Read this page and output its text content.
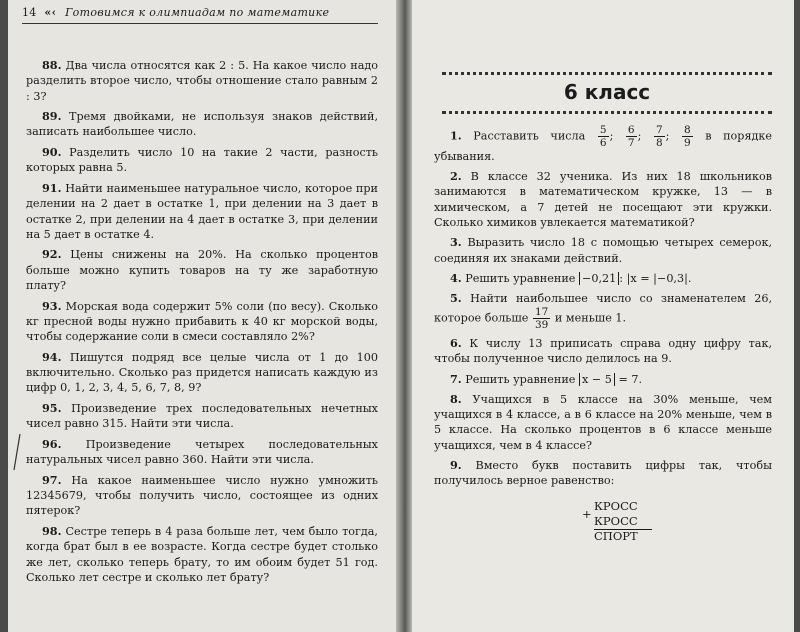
14 «‹ Готовимся к олимпиадам по математике

88. Два числа относятся как 2 : 5. На какое число надо разделить второе число, чтобы отношение стало равным 2 : 3?

89. Тремя двойками, не используя знаков действий, записать наибольшее число.

90. Разделить число 10 на такие 2 части, разность которых равна 5.

91. Найти наименьшее натуральное число, которое при делении на 2 дает в остатке 1, при делении на 3 дает в остатке 2, при делении на 4 дает в остатке 3, при делении на 5 дает в остатке 4.

92. Цены снижены на 20%. На сколько процентов больше можно купить товаров на ту же заработную плату?

93. Морская вода содержит 5% соли (по весу). Сколько кг пресной воды нужно прибавить к 40 кг морской воды, чтобы содержание соли в смеси составляло 2%?

94. Пишутся подряд все целые числа от 1 до 100 включительно. Сколько раз придется написать каждую из цифр 0, 1, 2, 3, 4, 5, 6, 7, 8, 9?

95. Произведение трех последовательных нечетных чисел равно 315. Найти эти числа.

96. Произведение четырех последовательных натуральных чисел равно 360. Найти эти числа.

97. На какое наименьшее число нужно умножить 12345679, чтобы получить число, состоящее из одних пятерок?

98. Сестре теперь в 4 раза больше лет, чем было тогда, когда брат был в ее возрасте. Когда сестре будет столько же лет, сколько теперь брату, то им обоим будет 51 год. Сколько лет сестре и сколько лет брату?

6 класс

1. Расставить числа $\frac{5}{6}$ ; $\frac{6}{7}$ ; $\frac{7}{8}$ ; $\frac{8}{9}$ в порядке убывания.

2. В классе 32 ученика. Из них 18 школьников занимаются в математическом кружке, 13 — в химическом, а 7 детей не посещают эти кружки. Сколько химиков увлекается математикой?

3. Выразить число 18 с помощью четырех семерок, соединяя их знаками действий.

4. Решить уравнение −0,21 : |x = |−0,3|.

5. Найти наибольшее число со знаменателем 26, которое больше $\frac{17}{39}$ и меньше 1.

6. К числу 13 приписать справа одну цифру так, чтобы полученное число делилось на 9.

7. Решить уравнение x − 5 = 7.

8. Учащихся в 5 классе на 30% меньше, чем учащихся в 4 классе, а в 6 классе на 20% меньше, чем в 5 классе. На сколько процентов в 6 классе меньше учащихся, чем в 4 классе?

9. Вместо букв поставить цифры так, чтобы получилось верное равенство:

+
КРОСС
КРОСС
СПОРТ
